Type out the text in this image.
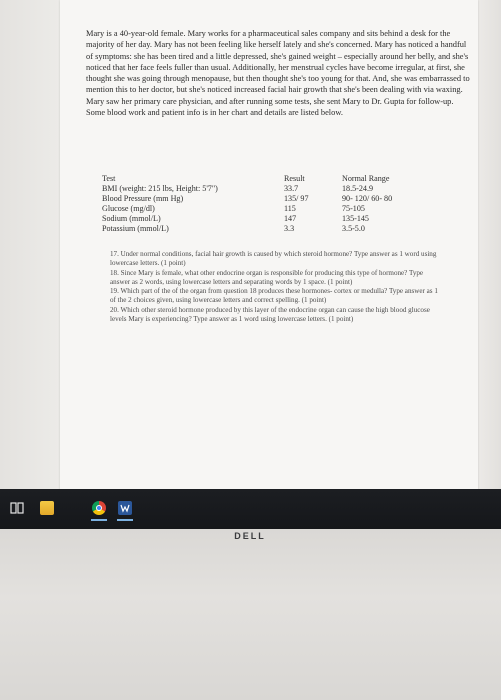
Mary is a 40-year-old female. Mary works for a pharmaceutical sales company and sits behind a desk for the majority of her day. Mary has not been feeling like herself lately and she's concerned. Mary has noticed a handful of symptoms: she has been tired and a little depressed, she's gained weight – especially around her belly, and she's noticed that her face feels fuller than usual. Additionally, her menstrual cycles have become irregular, at first, she thought she was going through menopause, but then thought she's too young for that. And, she was embarrassed to mention this to her doctor, but she's noticed increased facial hair growth that she's been dealing with via waxing. Mary saw her primary care physician, and after running some tests, she sent Mary to Dr. Gupta for follow-up. Some blood work and patient info is in her chart and details are listed below.
Test
BMI (weight: 215 lbs, Height: 5'7")
Blood Pressure (mm Hg)
Glucose (mg/dl)
Sodium (mmol/L)
Potassium (mmol/L)
Result
33.7
135/ 97
115
147
3.3
Normal Range
18.5-24.9
90- 120/ 60- 80
75-105
135-145
3.5-5.0
17. Under normal conditions, facial hair growth is caused by which steroid hormone? Type answer as 1 word using lowercase letters. (1 point)
18. Since Mary is female, what other endocrine organ is responsible for producing this type of hormone? Type answer as 2 words, using lowercase letters and separating words by 1 space. (1 point)
19. Which part of the of the organ from question 18 produces these hormones- cortex or medulla? Type answer as 1 of the 2 choices given, using lowercase letters and correct spelling. (1 point)
20. Which other steroid hormone produced by this layer of the endocrine organ can cause the high blood glucose levels Mary is experiencing? Type answer as 1 word using lowercase letters. (1 point)
DELL
